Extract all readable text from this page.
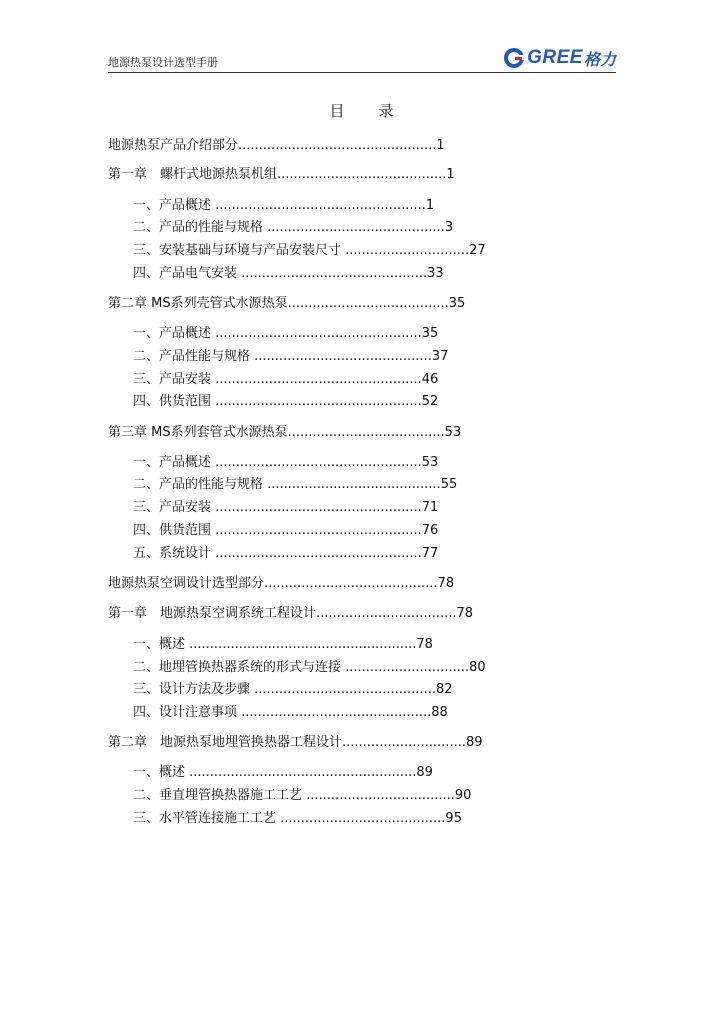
地源热泵设计选型手册	GREE 格力
目 录
地源热泵产品介绍部分................................................1
第一章　螺杆式地源热泵机组.........................................1
一、产品概述 ...................................................1
二、产品的性能与规格 ...........................................3
三、安装基础与环境与产品安装尺寸 ..............................27
四、产品电气安装 .............................................33
第二章 MS系列壳管式水源热泵.......................................35
一、产品概述 ..................................................35
二、产品性能与规格 ...........................................37
三、产品安装 ..................................................46
四、供货范围 ..................................................52
第三章 MS系列套管式水源热泵......................................53
一、产品概述 ..................................................53
二、产品的性能与规格 ..........................................55
三、产品安装 ..................................................71
四、供货范围 ..................................................76
五、系统设计 ..................................................77
地源热泵空调设计选型部分..........................................78
第一章　地源热泵空调系统工程设计..................................78
一、概述 .......................................................78
二、地埋管换热器系统的形式与连接 ..............................80
三、设计方法及步骤 ............................................82
四、设计注意事项 ..............................................88
第二章　地源热泵地埋管换热器工程设计..............................89
一、概述 .......................................................89
二、垂直埋管换热器施工工艺 ....................................90
三、水平管连接施工工艺 ........................................95
